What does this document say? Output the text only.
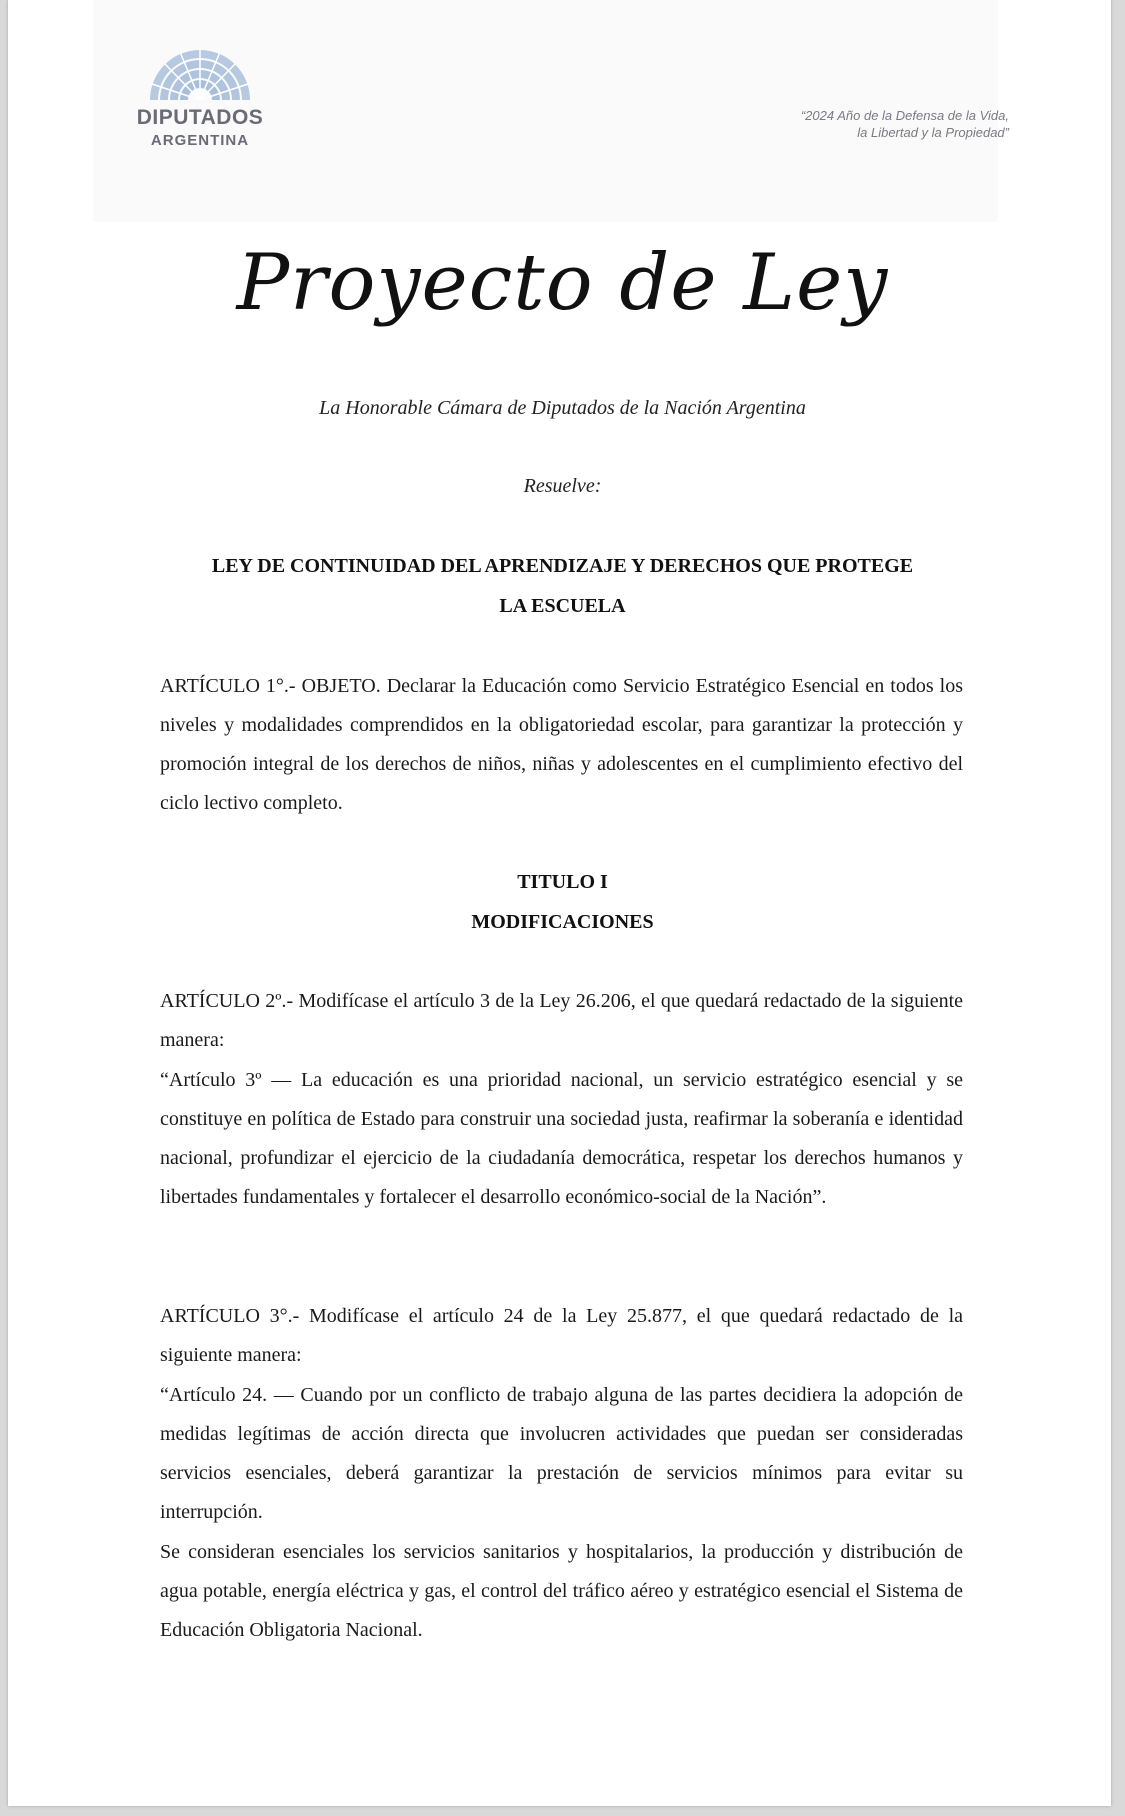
DIPUTADOS
ARGENTINA
“2024 Año de la Defensa de la Vida,
la Libertad y la Propiedad”
Proyecto de Ley
La Honorable Cámara de Diputados de la Nación Argentina
Resuelve:
LEY DE CONTINUIDAD DEL APRENDIZAJE Y DERECHOS QUE PROTEGE
LA ESCUELA

ARTÍCULO 1°.- OBJETO. Declarar la Educación como Servicio Estratégico Esencial en todos los niveles y modalidades comprendidos en la obligatoriedad escolar, para garantizar la protección y promoción integral de los derechos de niños, niñas y adolescentes en el cumplimiento efectivo del ciclo lectivo completo.

TITULO I
MODIFICACIONES

ARTÍCULO 2º.- Modifícase el artículo 3 de la Ley 26.206, el que quedará redactado de la siguiente manera:

“Artículo 3º — La educación es una prioridad nacional, un servicio estratégico esencial y se constituye en política de Estado para construir una sociedad justa, reafirmar la soberanía e identidad nacional, profundizar el ejercicio de la ciudadanía democrática, respetar los derechos humanos y libertades fundamentales y fortalecer el desarrollo económico-social de la Nación”.

ARTÍCULO 3°.- Modifícase el artículo 24 de la Ley 25.877, el que quedará redactado de la siguiente manera:

“Artículo 24. — Cuando por un conflicto de trabajo alguna de las partes decidiera la adopción de medidas legítimas de acción directa que involucren actividades que puedan ser consideradas servicios esenciales, deberá garantizar la prestación de servicios mínimos para evitar su interrupción.

Se consideran esenciales los servicios sanitarios y hospitalarios, la producción y distribución de agua potable, energía eléctrica y gas, el control del tráfico aéreo y estratégico esencial el Sistema de Educación Obligatoria Nacional.
